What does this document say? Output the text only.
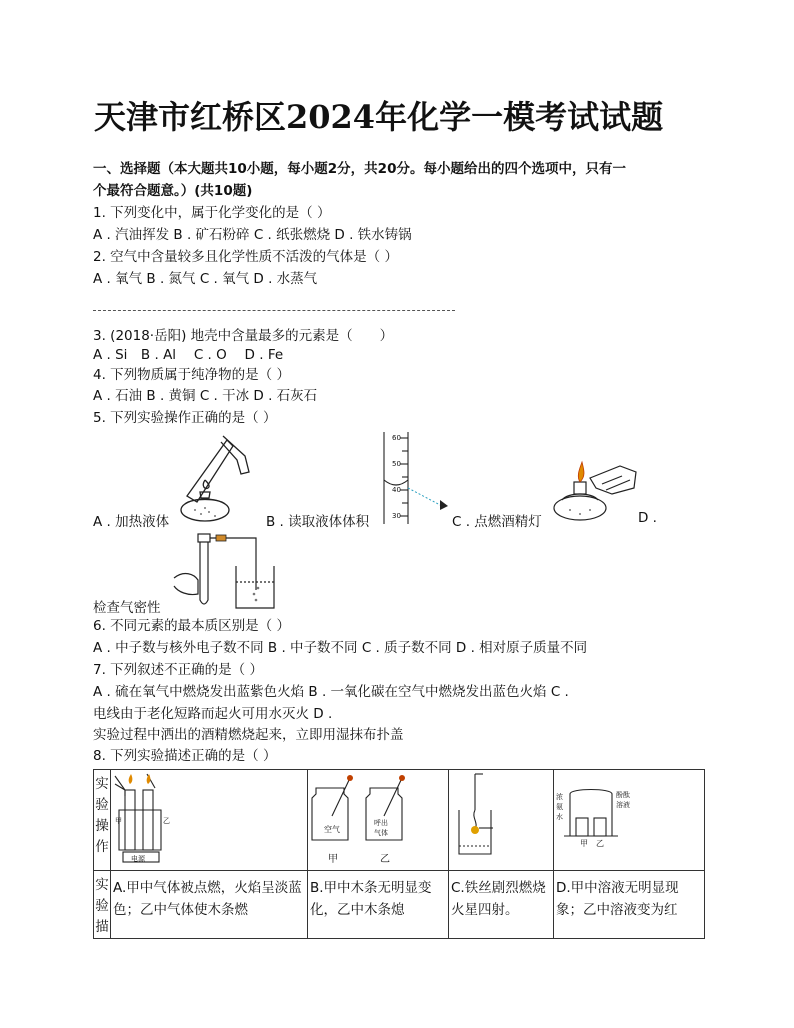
天津市红桥区2024年化学一模考试试题
一、选择题（本大题共10小题，每小题2分，共20分。每小题给出的四个选项中，只有一
个最符合题意。）(共10题)
1. 下列变化中，属于化学变化的是（ ）
A . 汽油挥发 B . 矿石粉碎 C . 纸张燃烧 D . 铁水铸锅
2. 空气中含量较多且化学性质不活泼的气体是（ ）
A . 氧气 B . 氮气 C . 氧气 D . 水蒸气
3. (2018·岳阳) 地壳中含量最多的元素是（　　）
A . Si　B . Al　 C . O　 D . Fe
4. 下列物质属于纯净物的是（ ）
A . 石油 B . 黄铜 C . 干冰 D . 石灰石
5. 下列实验操作正确的是（ ）
A . 加热液体
60
50
40
30
B . 读取液体体积	C . 点燃酒精灯	D .
检查气密性
6. 不同元素的最本质区别是（ ）
A . 中子数与核外电子数不同 B . 中子数不同 C . 质子数不同 D . 相对原子质量不同
7. 下列叙述不正确的是（ ）
A . 硫在氧气中燃烧发出蓝紫色火焰 B . 一氧化碳在空气中燃烧发出蓝色火焰 C .
电线由于老化短路而起火可用水灭火 D .
实验过程中洒出的酒精燃烧起来，立即用湿抹布扑盖
8. 下列实验描述正确的是（ ）
实
验
操
作	甲 乙
电源	空气
甲
呼出气体
乙		浓氨水
酚酞溶液
甲 乙

实
验
描	A.甲中气体被点燃，火焰呈淡蓝色；乙中气体使木条燃	B.甲中木条无明显变化，乙中木条熄	C.铁丝剧烈燃烧火星四射。	D.甲中溶液无明显现象；乙中溶液变为红
